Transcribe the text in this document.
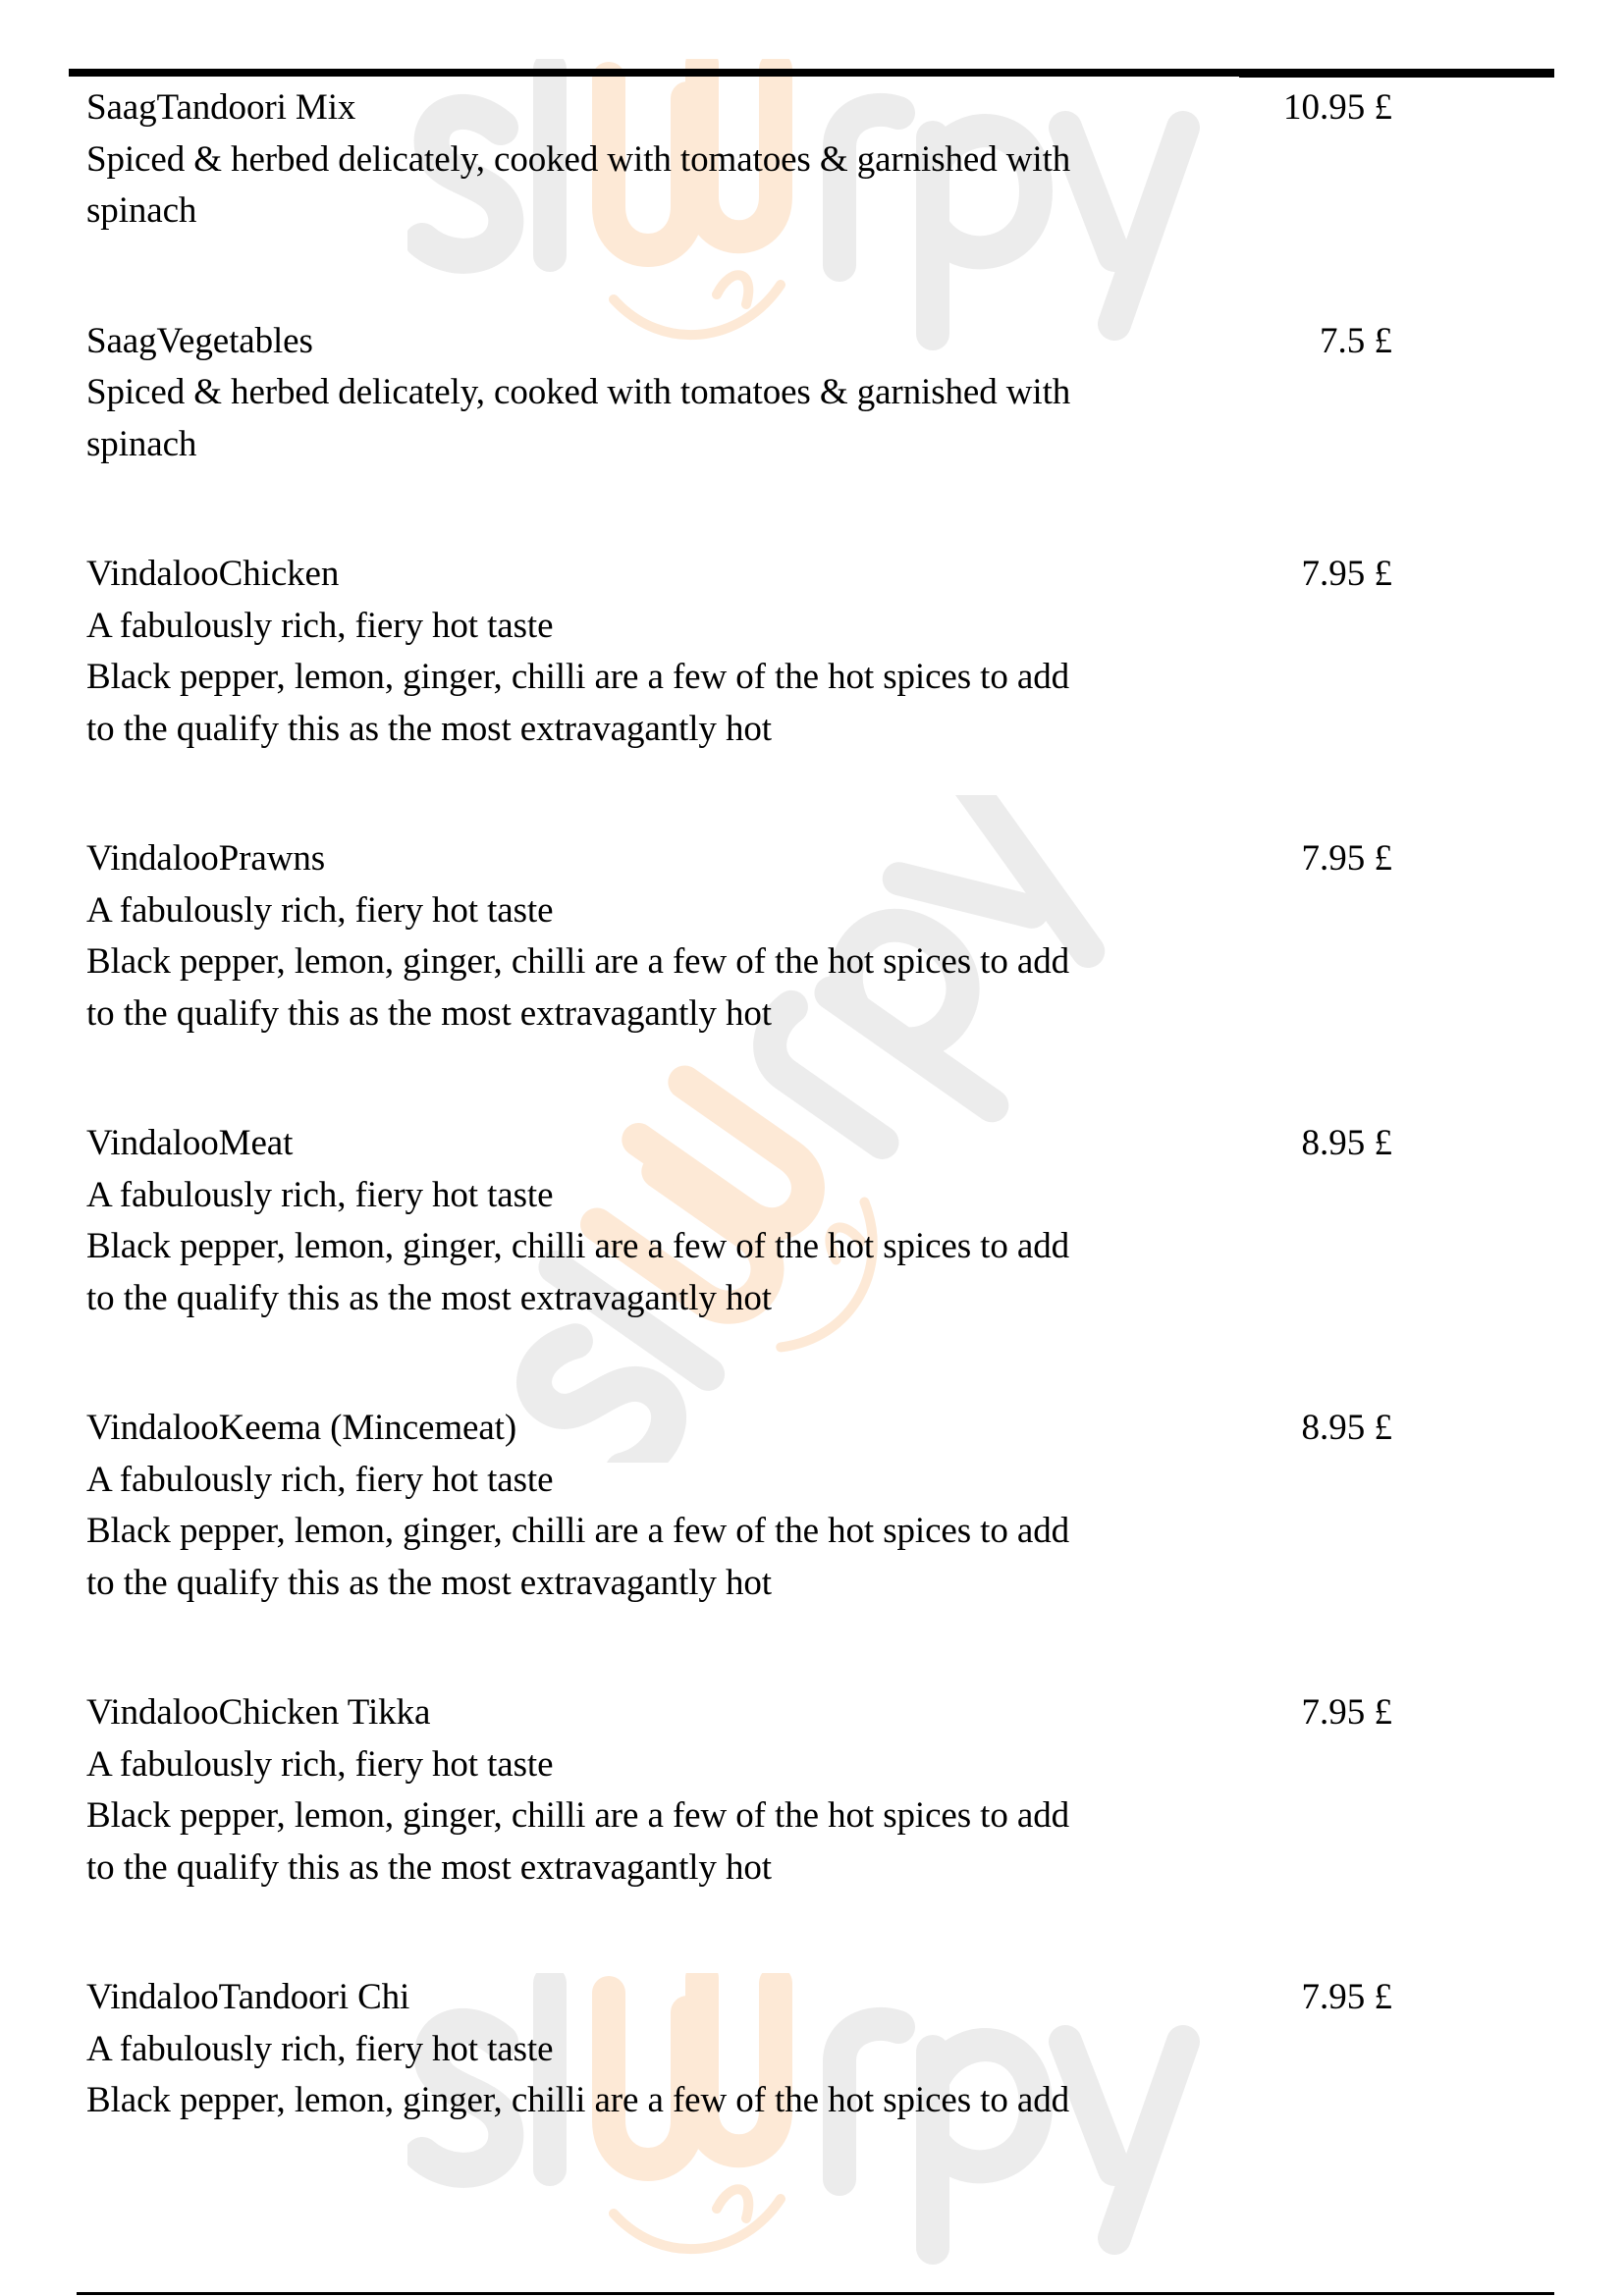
SaagTandoori Mix	10.95 £
Spiced & herbed delicately, cooked with tomatoes & garnished with
spinach
SaagVegetables	7.5 £
Spiced & herbed delicately, cooked with tomatoes & garnished with
spinach
VindalooChicken	7.95 £
A fabulously rich, fiery hot taste
Black pepper, lemon, ginger, chilli are a few of the hot spices to add
to the qualify this as the most extravagantly hot
VindalooPrawns	7.95 £
A fabulously rich, fiery hot taste
Black pepper, lemon, ginger, chilli are a few of the hot spices to add
to the qualify this as the most extravagantly hot
VindalooMeat	8.95 £
A fabulously rich, fiery hot taste
Black pepper, lemon, ginger, chilli are a few of the hot spices to add
to the qualify this as the most extravagantly hot
VindalooKeema (Mincemeat)	8.95 £
A fabulously rich, fiery hot taste
Black pepper, lemon, ginger, chilli are a few of the hot spices to add
to the qualify this as the most extravagantly hot
VindalooChicken Tikka	7.95 £
A fabulously rich, fiery hot taste
Black pepper, lemon, ginger, chilli are a few of the hot spices to add
to the qualify this as the most extravagantly hot
VindalooTandoori Chi	7.95 £
A fabulously rich, fiery hot taste
Black pepper, lemon, ginger, chilli are a few of the hot spices to add
